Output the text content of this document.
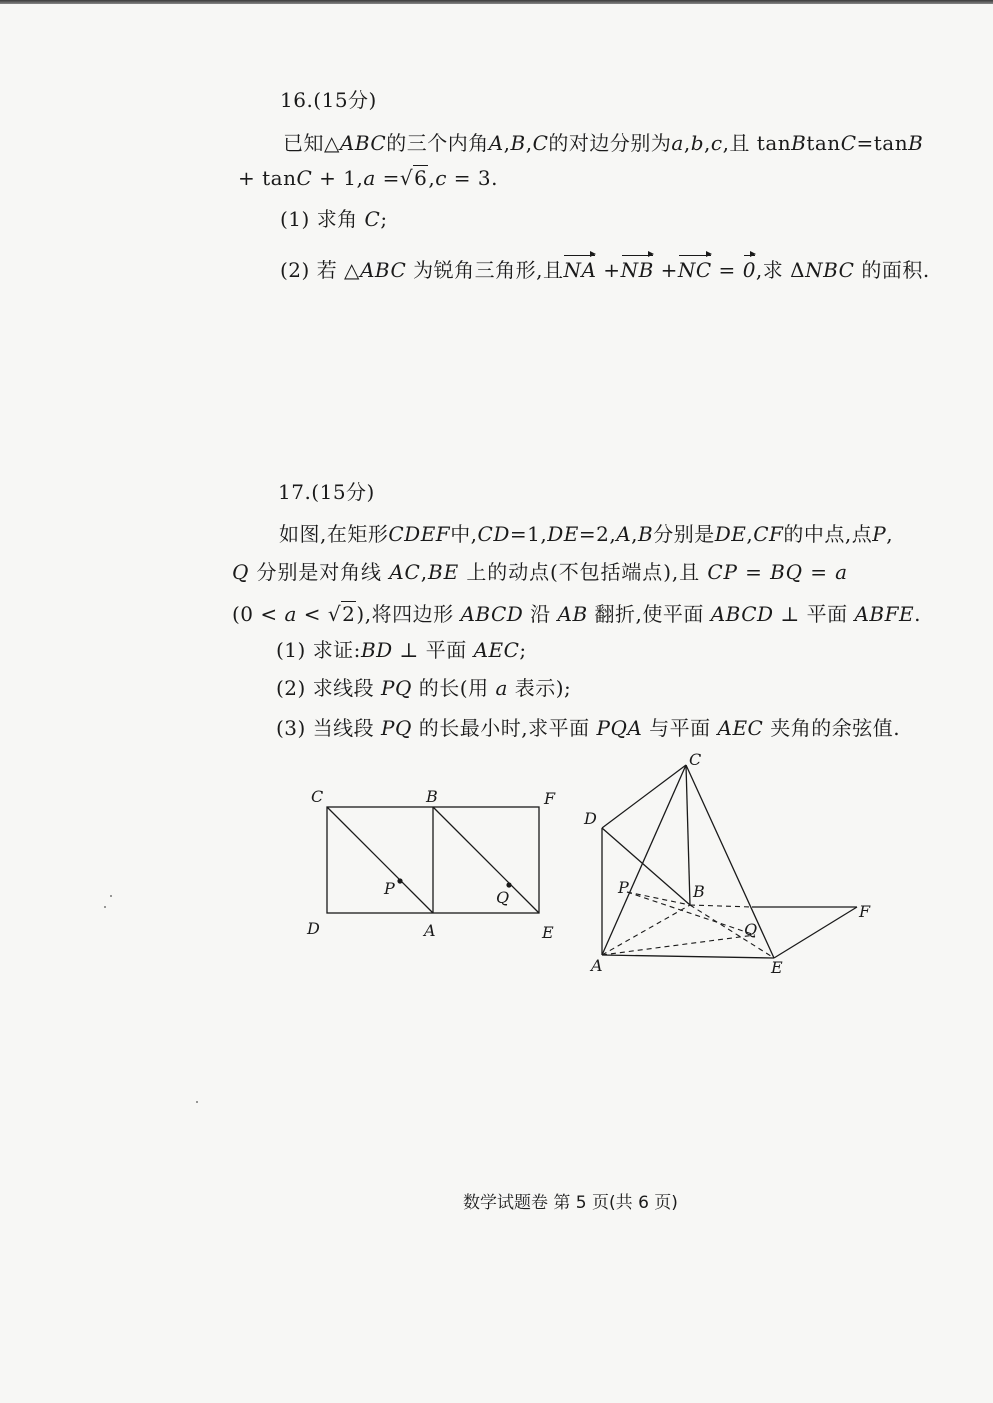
16.(15分)
已知△ABC的三个内角A,B,C的对边分别为a,b,c,且 tanBtanC=tanB
+ tanC + 1,a =√6,c = 3.
(1) 求角 C;
(2) 若 △ABC 为锐角三角形,且NA +NB +NC = 0,求 ΔNBC 的面积.
17.(15分)
如图,在矩形CDEF中,CD=1,DE=2,A,B分别是DE,CF的中点,点P,
Q 分别是对角线 AC,BE 上的动点(不包括端点),且 CP = BQ = a
(0 < a < √2),将四边形 ABCD 沿 AB 翻折,使平面 ABCD ⊥ 平面 ABFE.
(1) 求证:BD ⊥ 平面 AEC;
(2) 求线段 PQ 的长(用 a 表示);
(3) 当线段 PQ 的长最小时,求平面 PQA 与平面 AEC 夹角的余弦值.
C	B	F
D	A	E
P	Q
C
D
P	B
F
Q
A	E
数学试题卷 第 5 页(共 6 页)
